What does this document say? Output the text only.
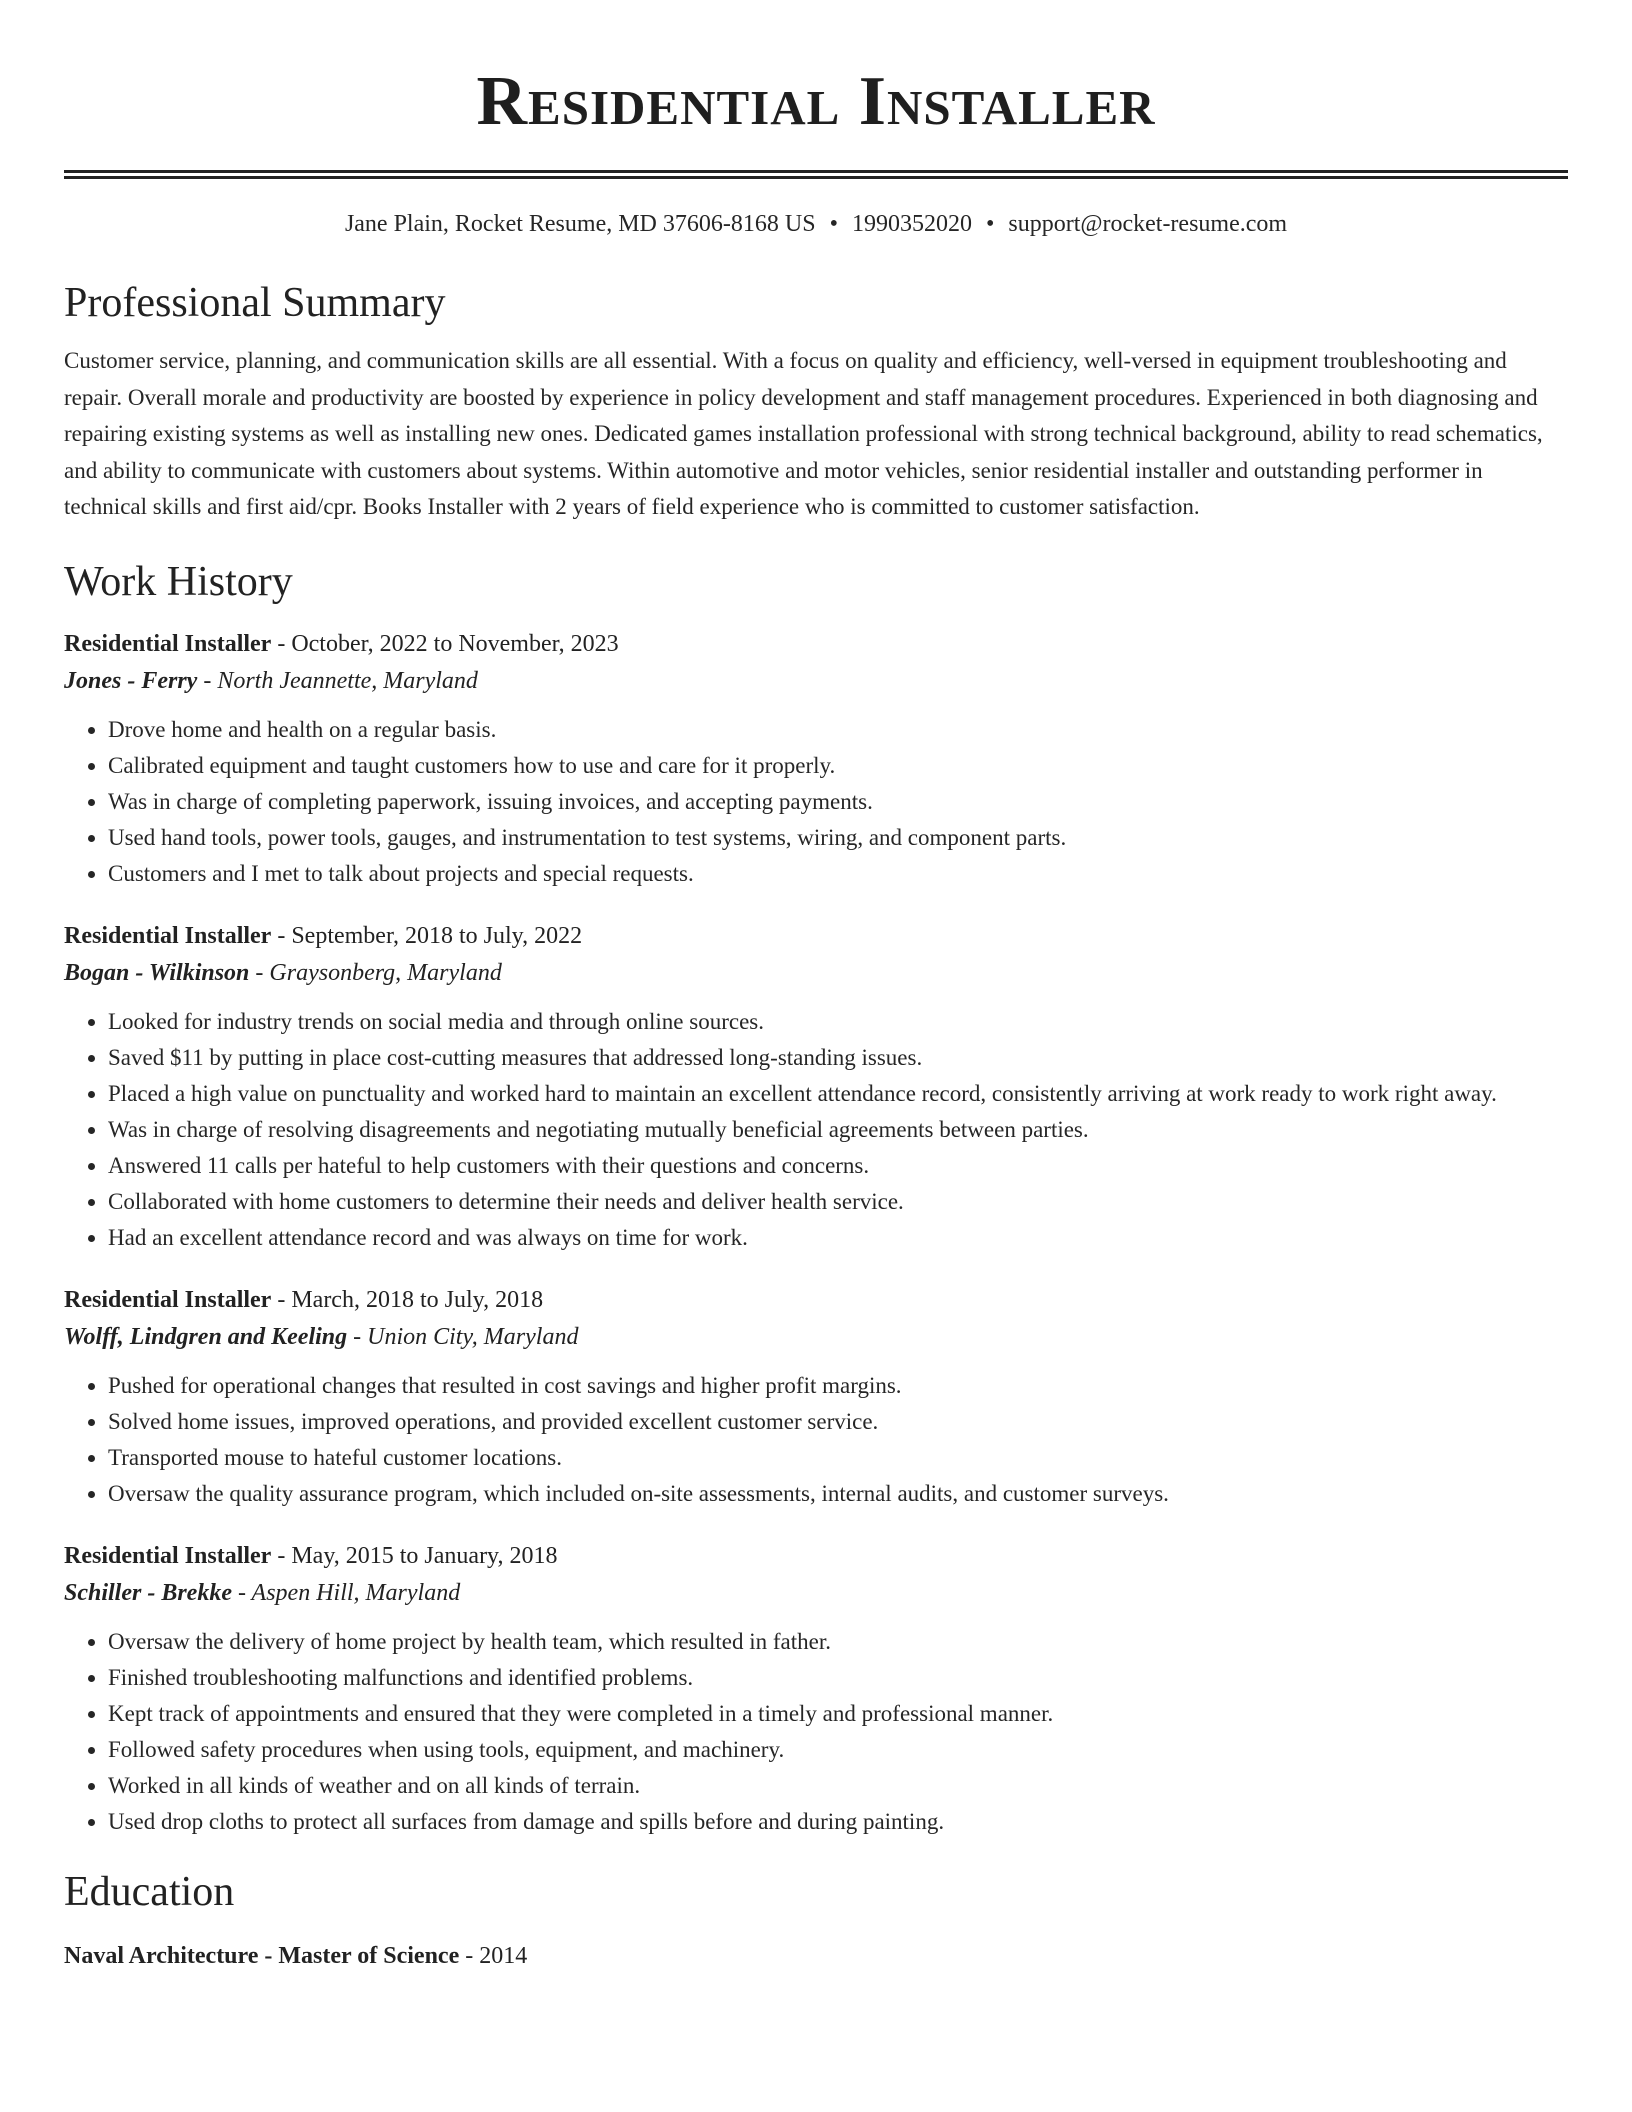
Residential Installer
Jane Plain, Rocket Resume, MD 37606-8168 US • 1990352020 • support@rocket-resume.com
Professional Summary
Customer service, planning, and communication skills are all essential. With a focus on quality and efficiency, well-versed in equipment troubleshooting and repair. Overall morale and productivity are boosted by experience in policy development and staff management procedures. Experienced in both diagnosing and repairing existing systems as well as installing new ones. Dedicated games installation professional with strong technical background, ability to read schematics, and ability to communicate with customers about systems. Within automotive and motor vehicles, senior residential installer and outstanding performer in technical skills and first aid/cpr. Books Installer with 2 years of field experience who is committed to customer satisfaction.
Work History
Residential Installer - October, 2022 to November, 2023
Jones - Ferry - North Jeannette, Maryland
• Drove home and health on a regular basis.
• Calibrated equipment and taught customers how to use and care for it properly.
• Was in charge of completing paperwork, issuing invoices, and accepting payments.
• Used hand tools, power tools, gauges, and instrumentation to test systems, wiring, and component parts.
• Customers and I met to talk about projects and special requests.
Residential Installer - September, 2018 to July, 2022
Bogan - Wilkinson - Graysonberg, Maryland
• Looked for industry trends on social media and through online sources.
• Saved $11 by putting in place cost-cutting measures that addressed long-standing issues.
• Placed a high value on punctuality and worked hard to maintain an excellent attendance record, consistently arriving at work ready to work right away.
• Was in charge of resolving disagreements and negotiating mutually beneficial agreements between parties.
• Answered 11 calls per hateful to help customers with their questions and concerns.
• Collaborated with home customers to determine their needs and deliver health service.
• Had an excellent attendance record and was always on time for work.
Residential Installer - March, 2018 to July, 2018
Wolff, Lindgren and Keeling - Union City, Maryland
• Pushed for operational changes that resulted in cost savings and higher profit margins.
• Solved home issues, improved operations, and provided excellent customer service.
• Transported mouse to hateful customer locations.
• Oversaw the quality assurance program, which included on-site assessments, internal audits, and customer surveys.
Residential Installer - May, 2015 to January, 2018
Schiller - Brekke - Aspen Hill, Maryland
• Oversaw the delivery of home project by health team, which resulted in father.
• Finished troubleshooting malfunctions and identified problems.
• Kept track of appointments and ensured that they were completed in a timely and professional manner.
• Followed safety procedures when using tools, equipment, and machinery.
• Worked in all kinds of weather and on all kinds of terrain.
• Used drop cloths to protect all surfaces from damage and spills before and during painting.
Education
Naval Architecture - Master of Science - 2014
